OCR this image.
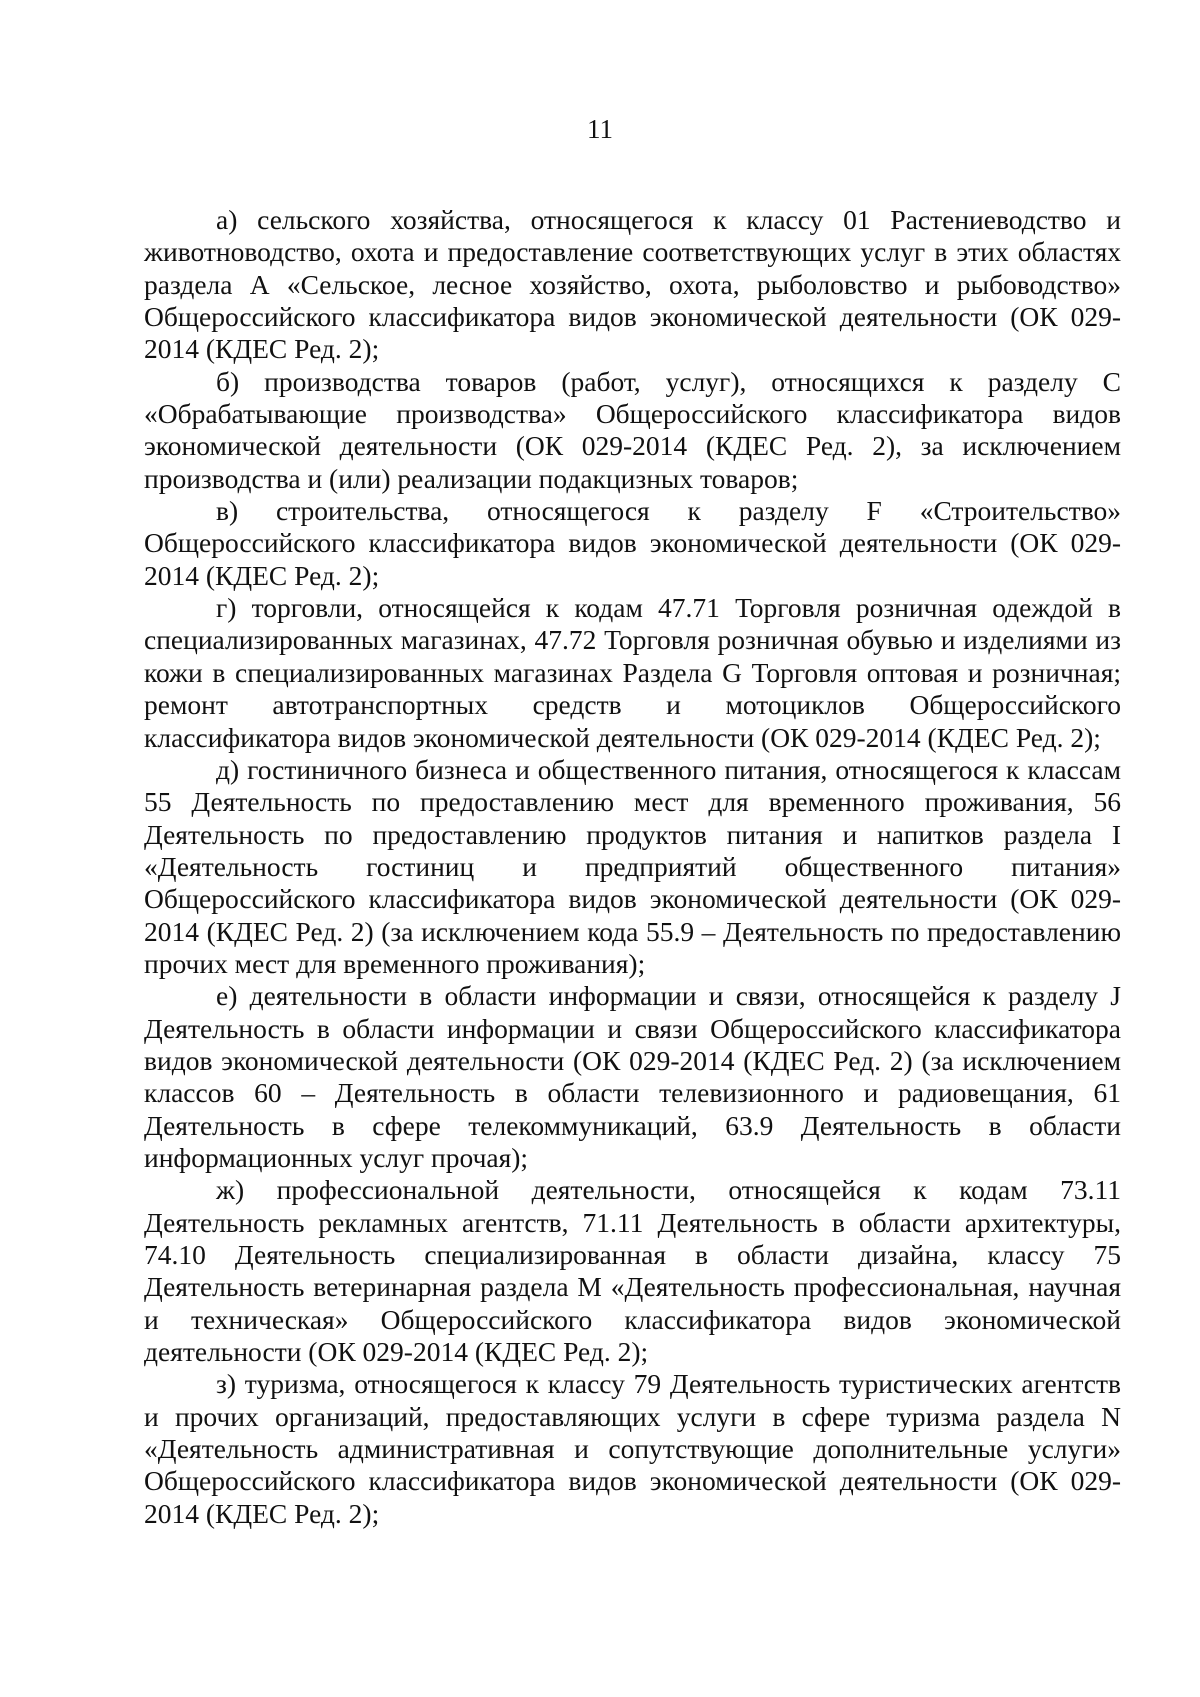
11

а) сельского хозяйства, относящегося к классу 01 Растениеводство и животноводство, охота и предоставление соответствующих услуг в этих областях раздела А «Сельское, лесное хозяйство, охота, рыболовство и рыбоводство» Общероссийского классификатора видов экономической деятельности (ОК 029-2014 (КДЕС Ред. 2);

б) производства товаров (работ, услуг), относящихся к разделу С «Обрабатывающие производства» Общероссийского классификатора видов экономической деятельности (ОК 029-2014 (КДЕС Ред. 2), за исключением производства и (или) реализации подакцизных товаров;

в) строительства, относящегося к разделу F «Строительство» Общероссийского классификатора видов экономической деятельности (ОК 029-2014 (КДЕС Ред. 2);

г) торговли, относящейся к кодам 47.71 Торговля розничная одеждой в специализированных магазинах, 47.72 Торговля розничная обувью и изделиями из кожи в специализированных магазинах Раздела G Торговля оптовая и розничная; ремонт автотранспортных средств и мотоциклов Общероссийского классификатора видов экономической деятельности (ОК 029-2014 (КДЕС Ред. 2);

д) гостиничного бизнеса и общественного питания, относящегося к классам 55 Деятельность по предоставлению мест для временного проживания, 56 Деятельность по предоставлению продуктов питания и напитков раздела I «Деятельность гостиниц и предприятий общественного питания» Общероссийского классификатора видов экономической деятельности (ОК 029-2014 (КДЕС Ред. 2) (за исключением кода 55.9 – Деятельность по предоставлению прочих мест для временного проживания);

е) деятельности в области информации и связи, относящейся к разделу J Деятельность в области информации и связи Общероссийского классификатора видов экономической деятельности (ОК 029-2014 (КДЕС Ред. 2) (за исключением классов 60 – Деятельность в области телевизионного и радиовещания, 61 Деятельность в сфере телекоммуникаций, 63.9 Деятельность в области информационных услуг прочая);

ж) профессиональной деятельности, относящейся к кодам 73.11 Деятельность рекламных агентств, 71.11 Деятельность в области архитектуры, 74.10 Деятельность специализированная в области дизайна, классу 75 Деятельность ветеринарная раздела М «Деятельность профессиональная, научная и техническая» Общероссийского классификатора видов экономической деятельности (ОК 029-2014 (КДЕС Ред. 2);

з) туризма, относящегося к классу 79 Деятельность туристических агентств и прочих организаций, предоставляющих услуги в сфере туризма раздела N «Деятельность административная и сопутствующие дополнительные услуги» Общероссийского классификатора видов экономической деятельности (ОК 029-2014 (КДЕС Ред. 2);
